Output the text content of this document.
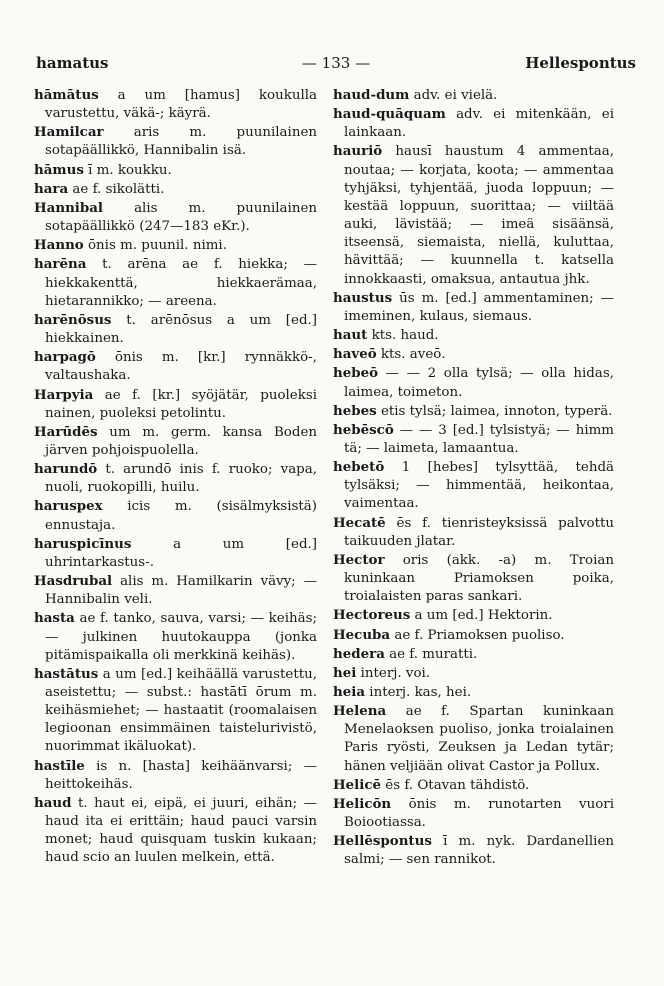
hamatus	— 133 —	Hellespontus

hāmātus a um [hamus] koukulla varustettu, väkä-; käyrä.

Hamilcar aris m. puunilainen sotapäällikkö, Hannibalin isä.

hāmus ī m. koukku.

hara ae f. sikolätti.

Hannibal alis m. puunilainen sotapäällikkö (247—183 eKr.).

Hanno ōnis m. puunil. nimi.

harēna t. arēna ae f. hiekka; — hiekkakenttä, hiekkaerämaa, hietarannikko; — areena.

harēnōsus t. arēnōsus a um [ed.] hiekkainen.

harpagō ōnis m. [kr.] rynnäkkö-, valtaushaka.

Harpyia ae f. [kr.] syöjätär, puoleksi nainen, puoleksi petolintu.

Harūdēs um m. germ. kansa Boden järven pohjoispuolella.

harundō t. arundō inis f. ruoko; vapa, nuoli, ruokopilli, huilu.

haruspex icis m. (sisälmyksistä) ennustaja.

haruspicīnus a um [ed.] uhrintarkastus-.

Hasdrubal alis m. Hamilkarin vävy; — Hannibalin veli.

hasta ae f. tanko, sauva, varsi; — keihäs; — julkinen huutokauppa (jonka pitämispaikalla oli merkkinä keihäs).

hastātus a um [ed.] keihäällä varustettu, aseistettu; — subst.: hastātī ōrum m. keihäsmiehet; — hastaatit (roomalaisen legioonan ensimmäinen taistelurivistö, nuorimmat ikäluokat).

hastīle is n. [hasta] keihäänvarsi; — heittokeihäs.

haud t. haut ei, eipä, ei juuri, eihän; — haud ita ei erittäin; haud pauci varsin monet; haud quisquam tuskin kukaan; haud scio an luulen melkein, että.

haud-dum adv. ei vielä.

haud-quāquam adv. ei mitenkään, ei lainkaan.

hauriō hausī haustum 4 ammentaa, noutaa; — korjata, koota; — ammentaa tyhjäksi, tyhjentää, juoda loppuun; — kestää loppuun, suorittaa; — viiltää auki, lävistää; — imeä sisäänsä, itseensä, siemaista, niellä, kuluttaa, hävittää; — kuunnella t. katsella innokkaasti, omaksua, antautua jhk.

haustus ūs m. [ed.] ammentaminen; — imeminen, kulaus, siemaus.

haut kts. haud.

haveō kts. aveō.

hebeō — — 2 olla tylsä; — olla hidas, laimea, toimeton.

hebes etis tylsä; laimea, innoton, typerä.

hebēscō — — 3 [ed.] tylsistyä; — himm tä; — laimeta, lamaantua.

hebetō 1 [hebes] tylsyttää, tehdä tylsäksi; — himmentää, heikontaa, vaimentaa.

Hecatē ēs f. tienristeyksissä palvottu taikuuden jlatar.

Hector oris (akk. -a) m. Troian kuninkaan Priamoksen poika, troialaisten paras sankari.

Hectoreus a um [ed.] Hektorin.

Hecuba ae f. Priamoksen puoliso.

hedera ae f. muratti.

hei interj. voi.

heia interj. kas, hei.

Helena ae f. Spartan kuninkaan Menelaoksen puoliso, jonka troialainen Paris ryösti, Zeuksen ja Ledan tytär; hänen veljiään olivat Castor ja Pollux.

Helicē ēs f. Otavan tähdistö.

Helicōn ōnis m. runotarten vuori Boiootiassa.

Hellēspontus ī m. nyk. Dardanellien salmi; — sen rannikot.
